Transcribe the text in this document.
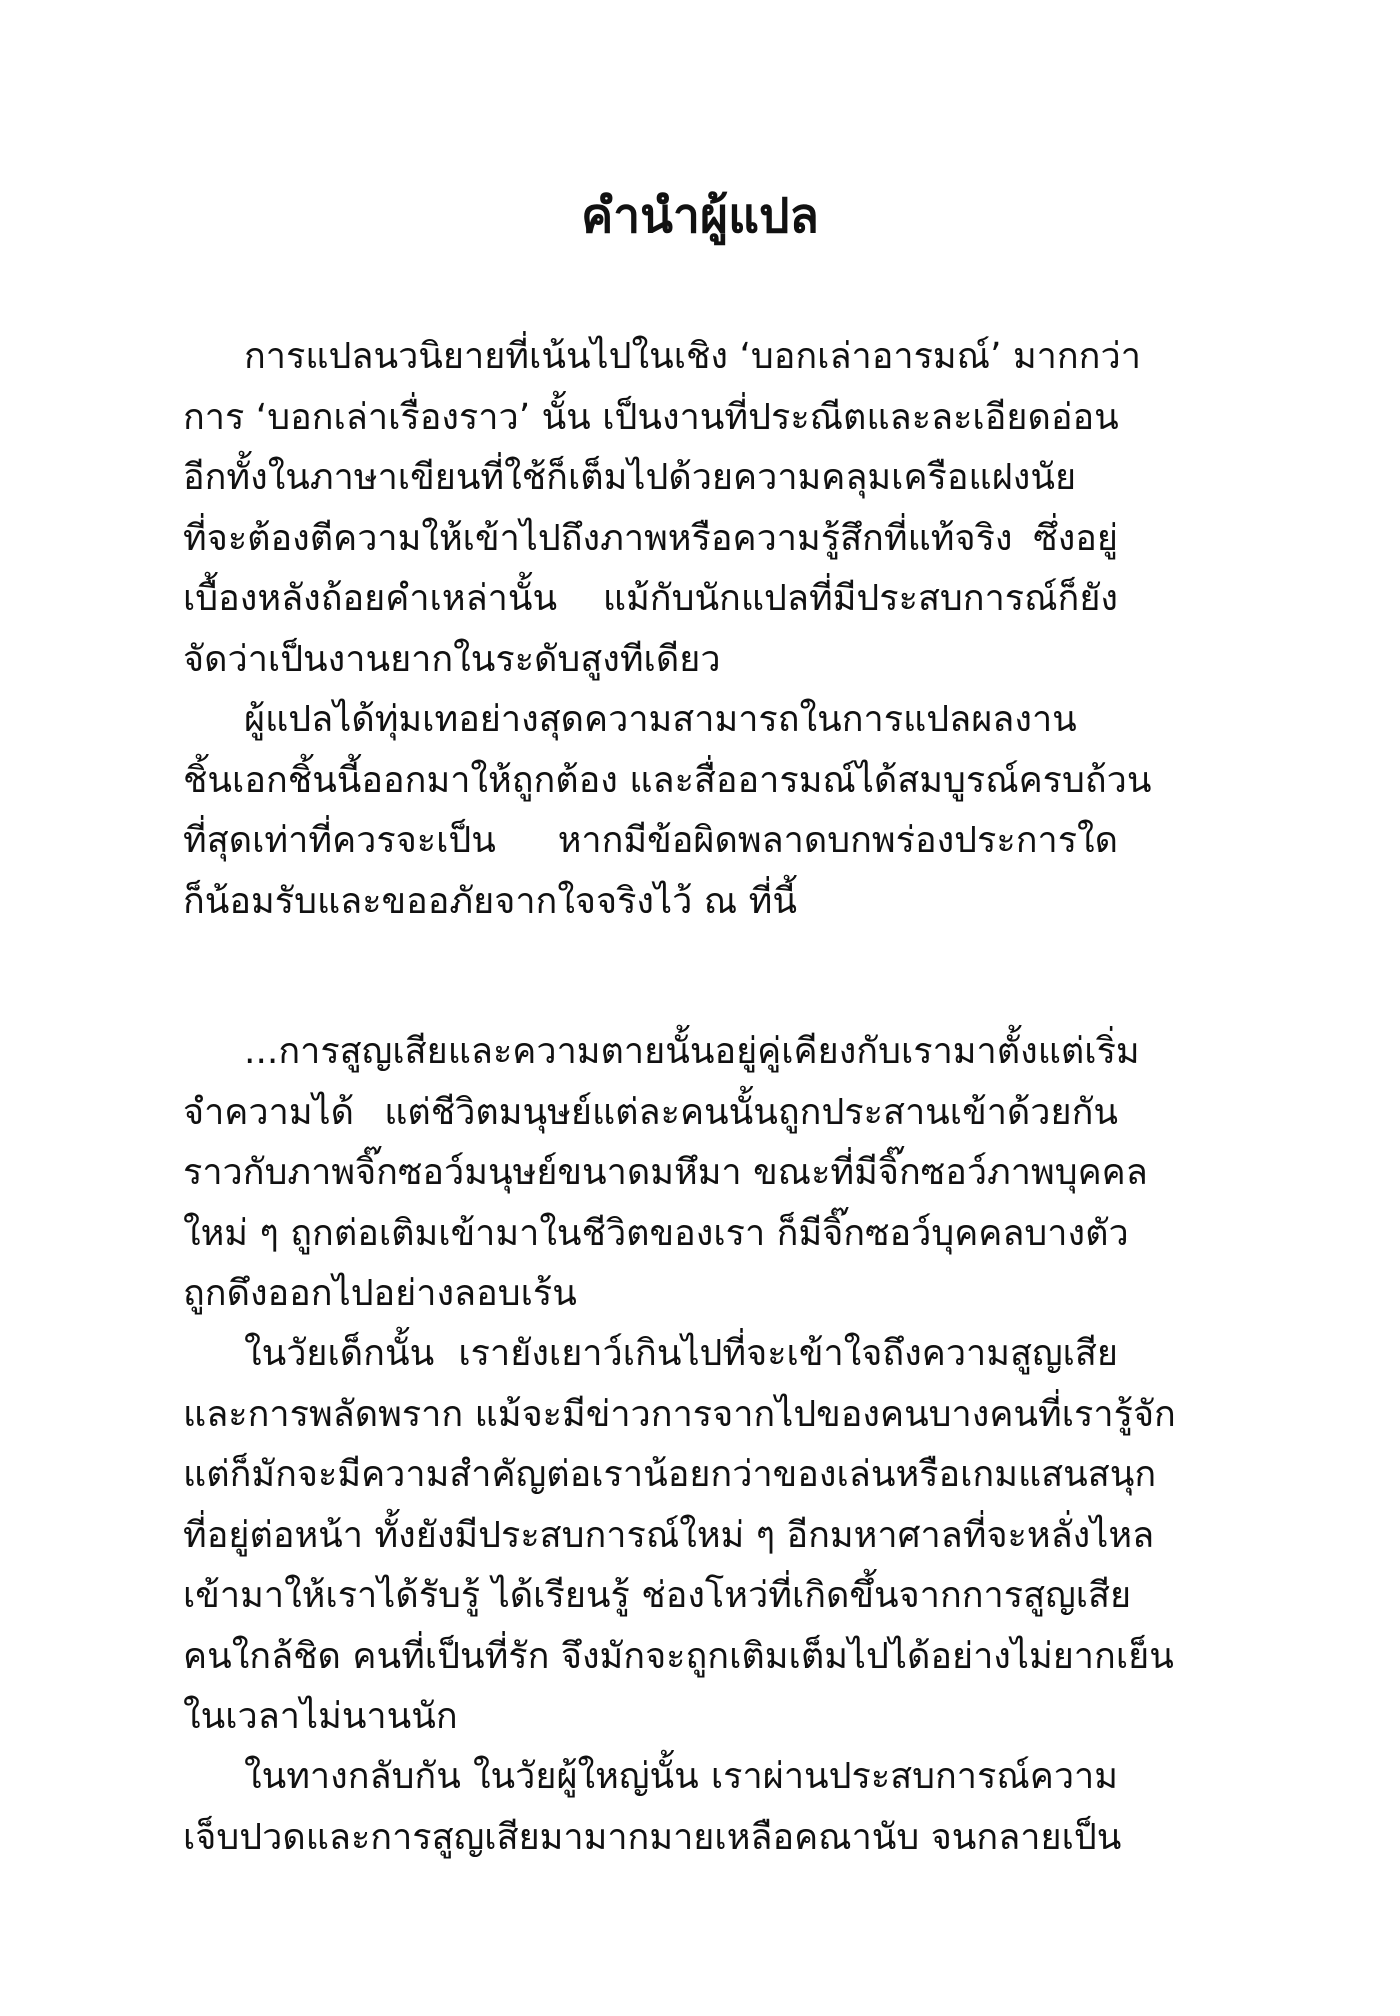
คำนำผู้แปล
การแปลนวนิยายที่เน้นไปในเชิง ‘บอกเล่าอารมณ์’ มากกว่า
การ ‘บอกเล่าเรื่องราว’ นั้น เป็นงานที่ประณีตและละเอียดอ่อน
อีกทั้งในภาษาเขียนที่ใช้ก็เต็มไปด้วยความคลุมเครือแฝงนัย
ที่จะต้องตีความให้เข้าไปถึงภาพหรือความรู้สึกที่แท้จริง ซึ่งอยู่
เบื้องหลังถ้อยคำเหล่านั้น แม้กับนักแปลที่มีประสบการณ์ก็ยัง
จัดว่าเป็นงานยากในระดับสูงทีเดียว
ผู้แปลได้ทุ่มเทอย่างสุดความสามารถในการแปลผลงาน
ชิ้นเอกชิ้นนี้ออกมาให้ถูกต้อง และสื่ออารมณ์ได้สมบูรณ์ครบถ้วน
ที่สุดเท่าที่ควรจะเป็น หากมีข้อผิดพลาดบกพร่องประการใด
ก็น้อมรับและขออภัยจากใจจริงไว้ ณ ที่นี้
...การสูญเสียและความตายนั้นอยู่คู่เคียงกับเรามาตั้งแต่เริ่ม
จำความได้ แต่ชีวิตมนุษย์แต่ละคนนั้นถูกประสานเข้าด้วยกัน
ราวกับภาพจิ๊กซอว์มนุษย์ขนาดมหึมา ขณะที่มีจิ๊กซอว์ภาพบุคคล
ใหม่ ๆ ถูกต่อเติมเข้ามาในชีวิตของเรา ก็มีจิ๊กซอว์บุคคลบางตัว
ถูกดึงออกไปอย่างลอบเร้น
ในวัยเด็กนั้น เรายังเยาว์เกินไปที่จะเข้าใจถึงความสูญเสีย
และการพลัดพราก แม้จะมีข่าวการจากไปของคนบางคนที่เรารู้จัก
แต่ก็มักจะมีความสำคัญต่อเราน้อยกว่าของเล่นหรือเกมแสนสนุก
ที่อยู่ต่อหน้า ทั้งยังมีประสบการณ์ใหม่ ๆ อีกมหาศาลที่จะหลั่งไหล
เข้ามาให้เราได้รับรู้ ได้เรียนรู้ ช่องโหว่ที่เกิดขึ้นจากการสูญเสีย
คนใกล้ชิด คนที่เป็นที่รัก จึงมักจะถูกเติมเต็มไปได้อย่างไม่ยากเย็น
ในเวลาไม่นานนัก
ในทางกลับกัน ในวัยผู้ใหญ่นั้น เราผ่านประสบการณ์ความ
เจ็บปวดและการสูญเสียมามากมายเหลือคณานับ จนกลายเป็น
